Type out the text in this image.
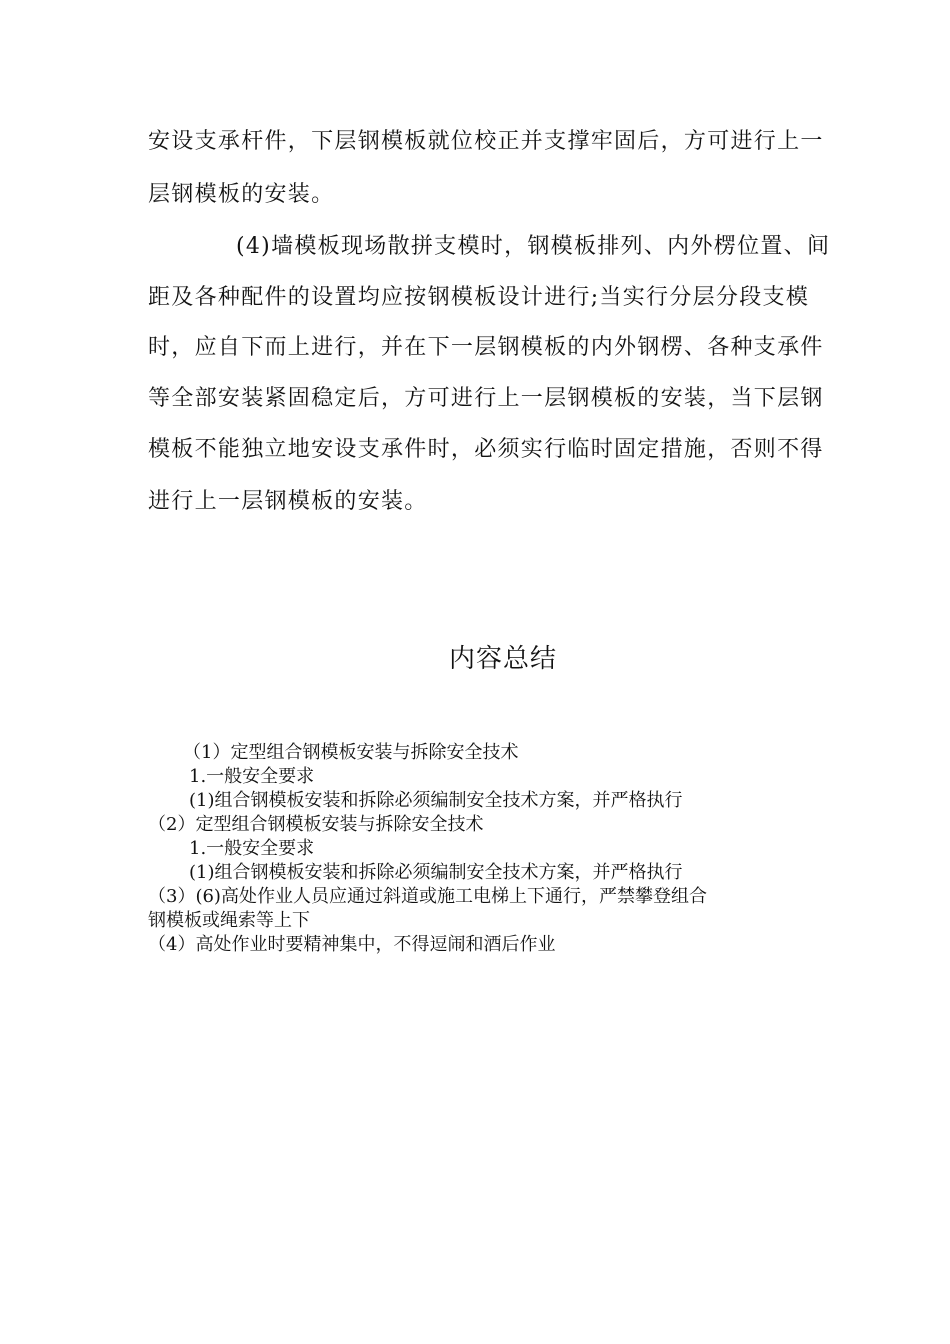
安设支承杆件，下层钢模板就位校正并支撑牢固后，方可进行上一
层钢模板的安装。
(4)墙模板现场散拼支模时，钢模板排列、内外楞位置、间
距及各种配件的设置均应按钢模板设计进行;当实行分层分段支模
时，应自下而上进行，并在下一层钢模板的内外钢楞、各种支承件
等全部安装紧固稳定后，方可进行上一层钢模板的安装，当下层钢
模板不能独立地安设支承件时，必须实行临时固定措施，否则不得
进行上一层钢模板的安装。
内容总结
（1）定型组合钢模板安装与拆除安全技术
1.一般安全要求
(1)组合钢模板安装和拆除必须编制安全技术方案，并严格执行
（2）定型组合钢模板安装与拆除安全技术
1.一般安全要求
(1)组合钢模板安装和拆除必须编制安全技术方案，并严格执行
（3）(6)高处作业人员应通过斜道或施工电梯上下通行，严禁攀登组合
钢模板或绳索等上下
（4）高处作业时要精神集中，不得逗闹和酒后作业
